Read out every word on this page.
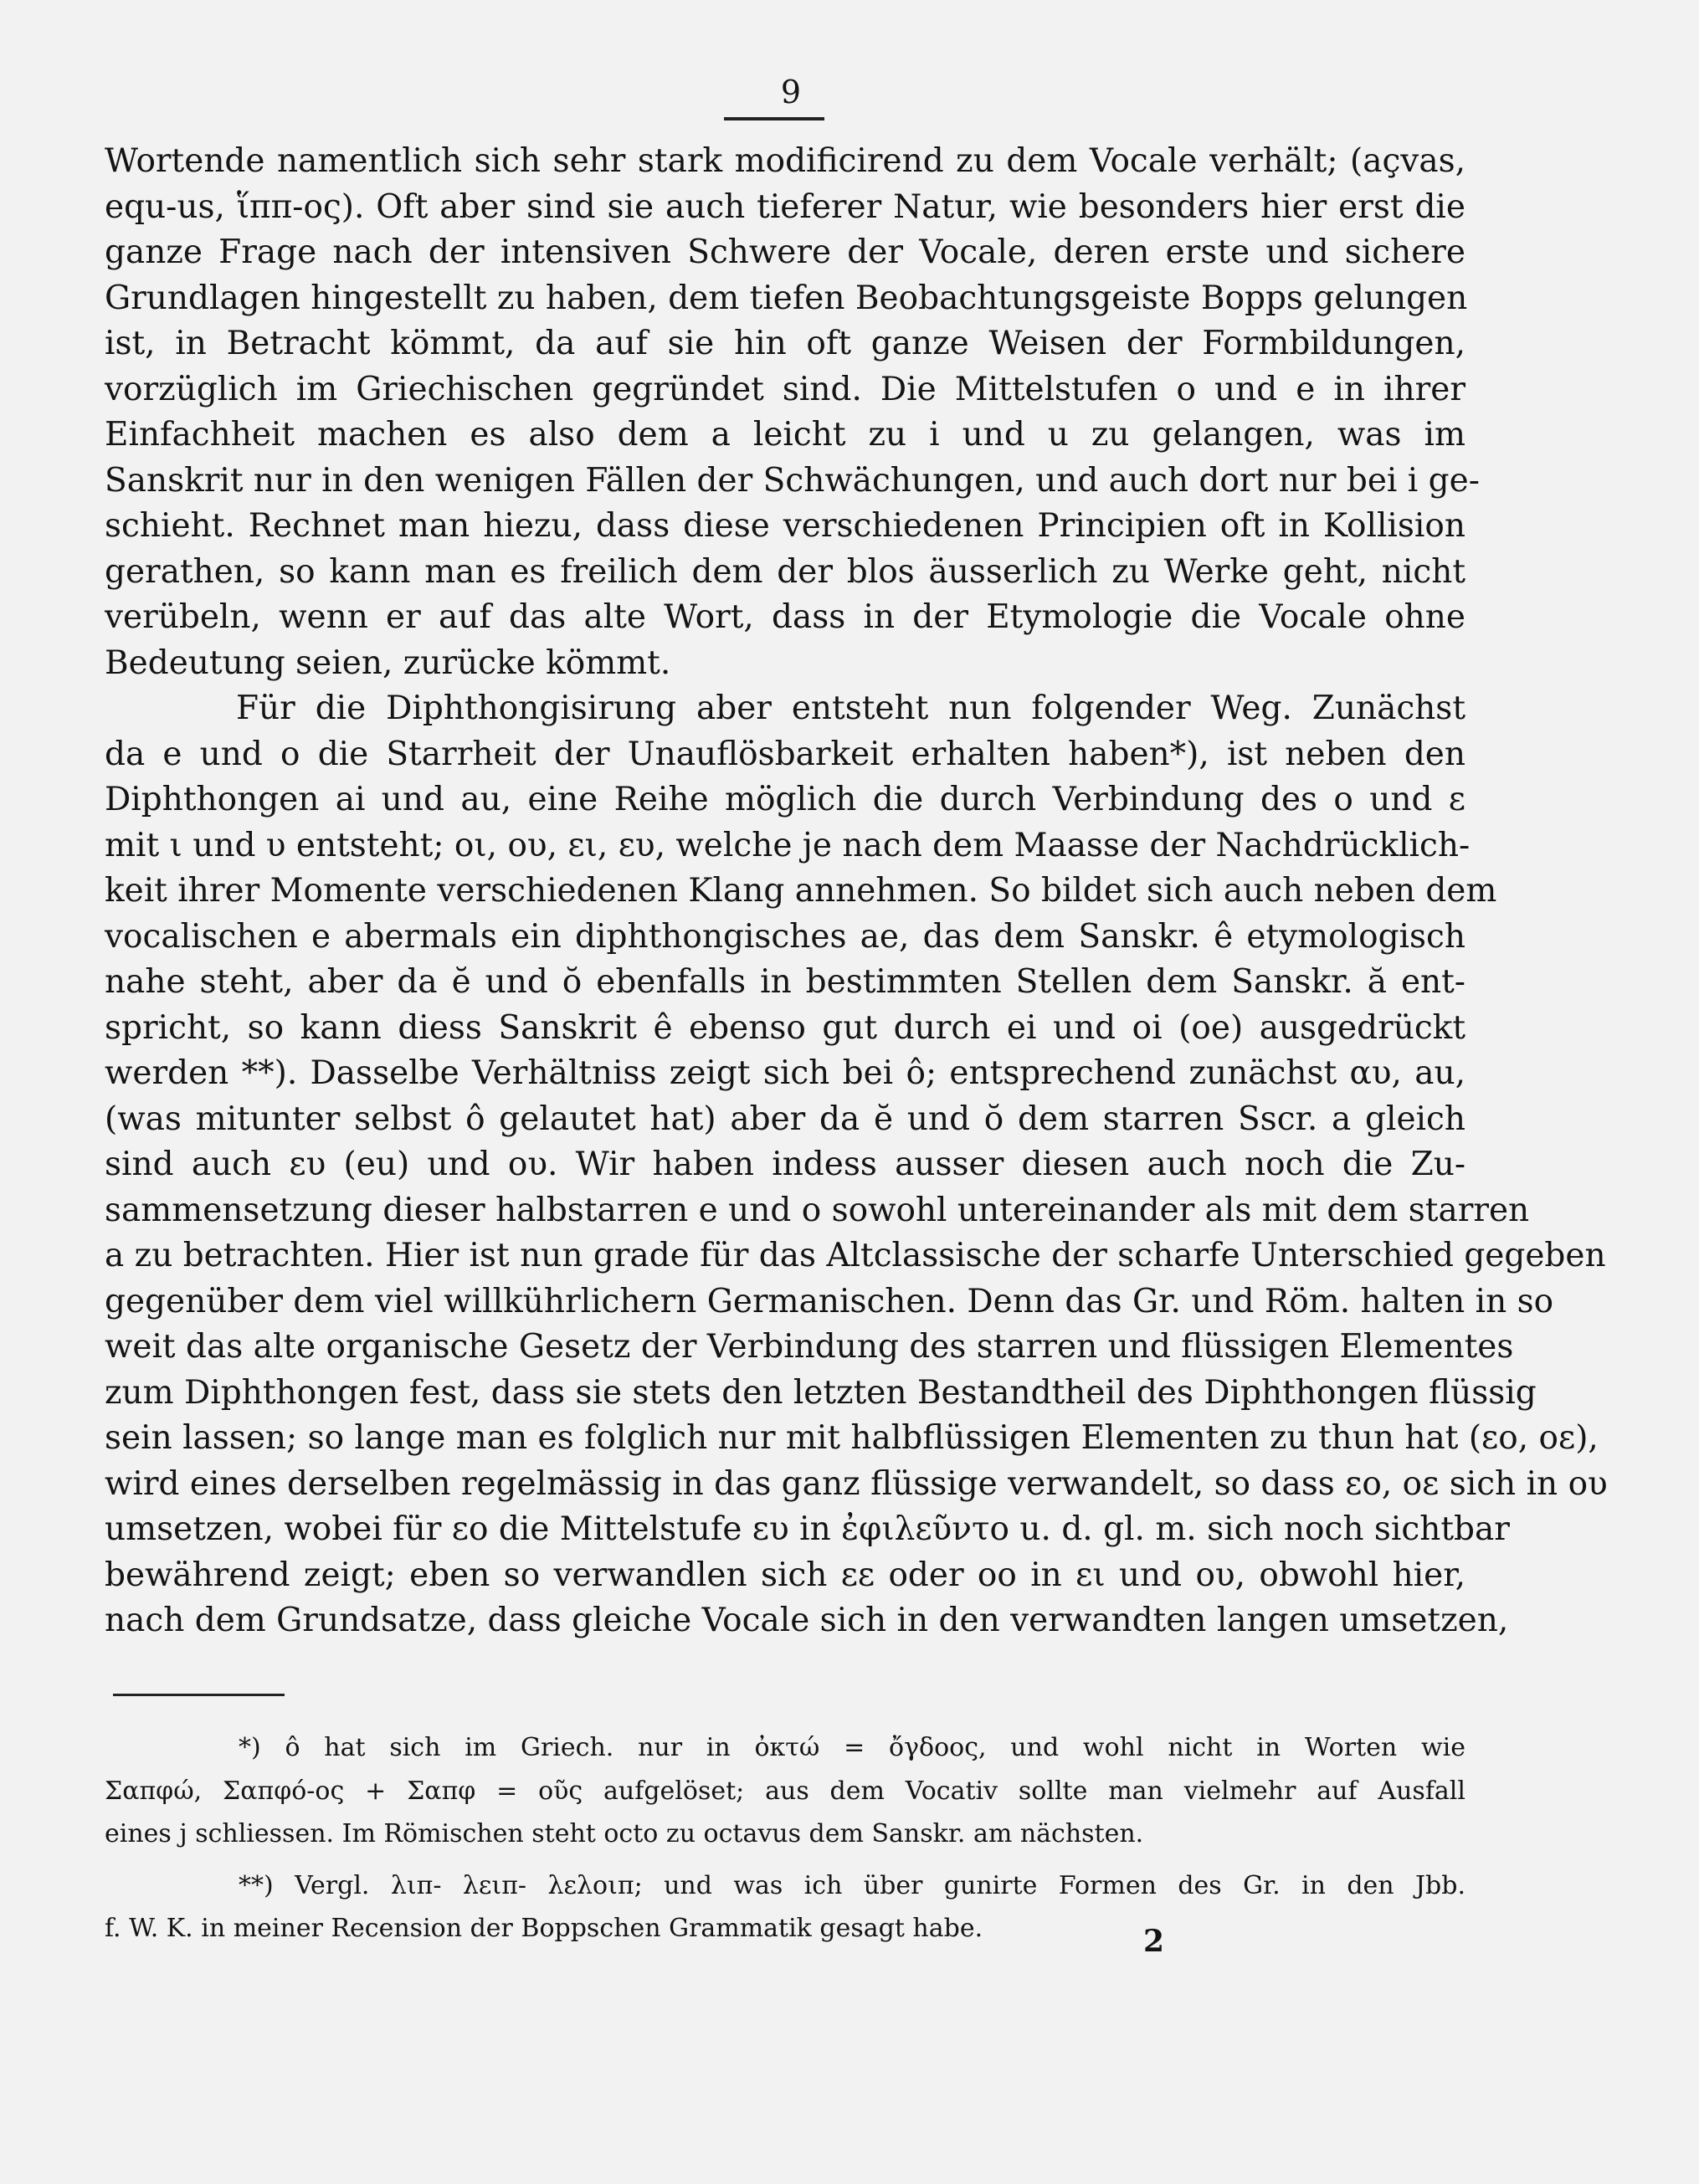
9
Wortende namentlich sich sehr stark modificirend zu dem Vocale verhält; (açvas,
equ-us, ἵππ-ος). Oft aber sind sie auch tieferer Natur, wie besonders hier erst die
ganze Frage nach der intensiven Schwere der Vocale, deren erste und sichere
Grundlagen hingestellt zu haben, dem tiefen Beobachtungsgeiste Bopps gelungen
ist, in Betracht kömmt, da auf sie hin oft ganze Weisen der Formbildungen,
vorzüglich im Griechischen gegründet sind. Die Mittelstufen o und e in ihrer
Einfachheit machen es also dem a leicht zu i und u zu gelangen, was im
Sanskrit nur in den wenigen Fällen der Schwächungen, und auch dort nur bei i ge-
schieht. Rechnet man hiezu, dass diese verschiedenen Principien oft in Kollision
gerathen, so kann man es freilich dem der blos äusserlich zu Werke geht, nicht
verübeln, wenn er auf das alte Wort, dass in der Etymologie die Vocale ohne
Bedeutung seien, zurücke kömmt.
Für die Diphthongisirung aber entsteht nun folgender Weg. Zunächst
da e und o die Starrheit der Unauflösbarkeit erhalten haben*), ist neben den
Diphthongen ai und au, eine Reihe möglich die durch Verbindung des o und ε
mit ι und υ entsteht; οι, ου, ει, ευ, welche je nach dem Maasse der Nachdrücklich-
keit ihrer Momente verschiedenen Klang annehmen. So bildet sich auch neben dem
vocalischen e abermals ein diphthongisches ae, das dem Sanskr. ê etymologisch
nahe steht, aber da ĕ und ŏ ebenfalls in bestimmten Stellen dem Sanskr. ă ent-
spricht, so kann diess Sanskrit ê ebenso gut durch ei und oi (oe) ausgedrückt
werden **). Dasselbe Verhältniss zeigt sich bei ô; entsprechend zunächst αυ, au,
(was mitunter selbst ô gelautet hat) aber da ĕ und ŏ dem starren Sscr. a gleich
sind auch ευ (eu) und ου. Wir haben indess ausser diesen auch noch die Zu-
sammensetzung dieser halbstarren e und o sowohl untereinander als mit dem starren
a zu betrachten. Hier ist nun grade für das Altclassische der scharfe Unterschied gegeben
gegenüber dem viel willkührlichern Germanischen. Denn das Gr. und Röm. halten in so
weit das alte organische Gesetz der Verbindung des starren und flüssigen Elementes
zum Diphthongen fest, dass sie stets den letzten Bestandtheil des Diphthongen flüssig
sein lassen; so lange man es folglich nur mit halbflüssigen Elementen zu thun hat (εο, οε),
wird eines derselben regelmässig in das ganz flüssige verwandelt, so dass εο, οε sich in ου
umsetzen, wobei für εο die Mittelstufe ευ in ἐφιλεῦντο u. d. gl. m. sich noch sichtbar
bewährend zeigt; eben so verwandlen sich εε oder οο in ει und ου, obwohl hier,
nach dem Grundsatze, dass gleiche Vocale sich in den verwandten langen umsetzen,
*) ô hat sich im Griech. nur in ὀκτώ = ὄγδοος, und wohl nicht in Worten wie
Σαπφώ, Σαπφό-ος + Σαπφ = οῦς aufgelöset; aus dem Vocativ sollte man vielmehr auf Ausfall
eines j schliessen. Im Römischen steht octo zu octavus dem Sanskr. am nächsten.
**) Vergl. λιπ- λειπ- λελοιπ; und was ich über gunirte Formen des Gr. in den Jbb.
f. W. K. in meiner Recension der Boppschen Grammatik gesagt habe.	2
